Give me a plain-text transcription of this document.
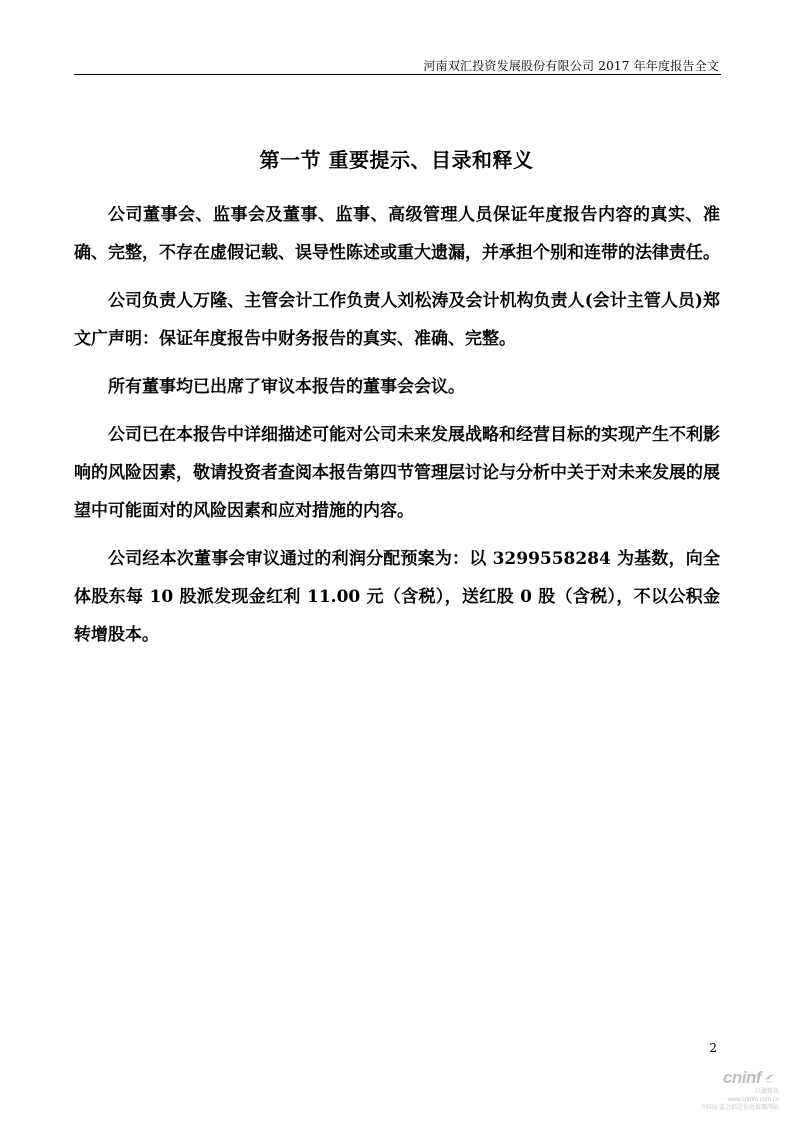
河南双汇投资发展股份有限公司 2017 年年度报告全文
第一节 重要提示、目录和释义

公司董事会、监事会及董事、监事、高级管理人员保证年度报告内容的真实、准确、完整，不存在虚假记载、误导性陈述或重大遗漏，并承担个别和连带的法律责任。

公司负责人万隆、主管会计工作负责人刘松涛及会计机构负责人(会计主管人员)郑文广声明：保证年度报告中财务报告的真实、准确、完整。

所有董事均已出席了审议本报告的董事会会议。

公司已在本报告中详细描述可能对公司未来发展战略和经营目标的实现产生不利影响的风险因素，敬请投资者查阅本报告第四节管理层讨论与分析中关于对未来发展的展望中可能面对的风险因素和应对措施的内容。

公司经本次董事会审议通过的利润分配预案为：以 3299558284 为基数，向全体股东每 10 股派发现金红利 11.00 元（含税），送红股 0 股（含税），不以公积金转增股本。

2
cninf
巨潮资讯
www.cninfo.com.cn
中国证监会指定信息披露网站
